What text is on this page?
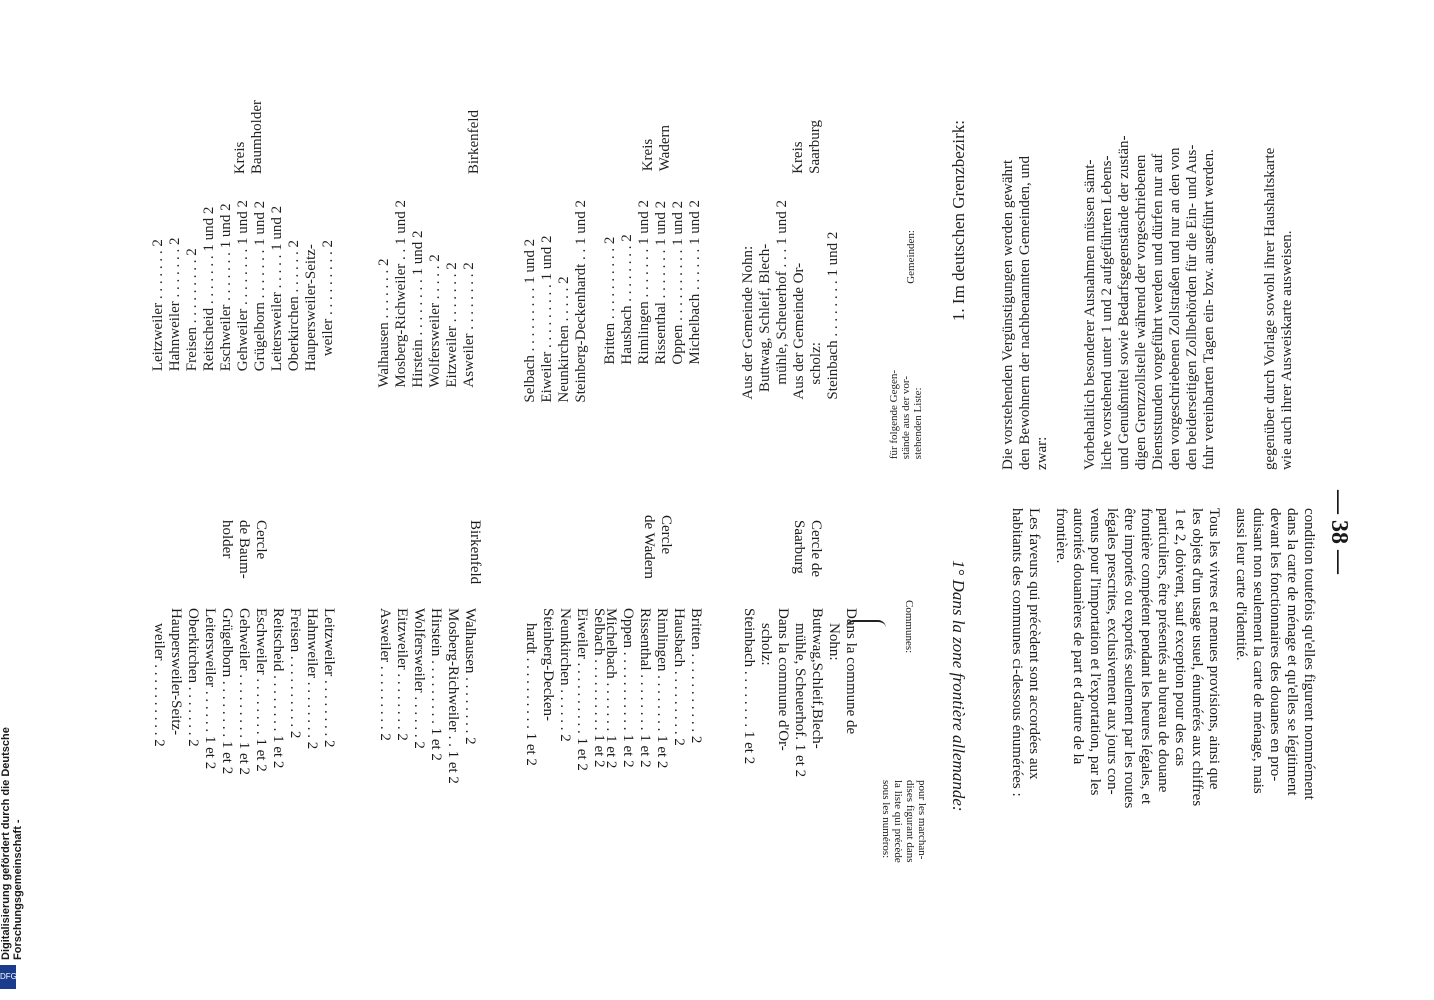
— 38 —
condition toutefois qu'elles figurent nommément
dans la carte de ménage et qu'elles se légitiment
devant les fonctionnaires des douanes en pro-
duisant non seulement la carte de ménage, mais
aussi leur carte d'identité.
Tous les vivres et menues provisions, ainsi que
les objets d'un usage usuel, énumérés aux chiffres
1 et 2, doivent, sauf exception pour des cas
particuliers, être présentés au bureau de douane
frontière compétent pendant les heures légales, et
être importés ou exportés seulement par les routes
légales prescrites, exclusivement aux jours con-
venus pour l'importation et l'exportation, par les
autorités douanières de part et d'autre de la
frontière.
Les faveurs qui précèdent sont accordées aux
habitants des communes ci-dessous énumérées :
1° Dans la zone frontière allemande:
Communes:
pour les marchan-
dises figurant dans
la liste qui précède
sous les numéros:
Cercle de
Saarburg
Dans la commune de
Nohn:
Buttwag,Schleif,Blech-
mühle, Scheuerhof. 1 et 2
Dans la commune d'Or-
scholz:
Steinbach . . . . . . . . 1 et 2
Cercle
de Wadern
Britten . . . . . . . . . . . 2
Hausbach . . . . . . . . . 2
Rimlingen . . . . . . . . 1 et 2
Rissenthal . . . . . . . . 1 et 2
Oppen . . . . . . . . . . . 1 et 2
Michelbach . . . . . . . 1 et 2
Selbach . . . . . . . . . . 1 et 2
Eiweiler . . . . . . . . . . 1 et 2
Neunkirchen . . . . . . 2
Steinberg-Decken-
hardt . . . . . . . . . . 1 et 2
Birkenfeld
Walhausen . . . . . . . . 2
Mosberg-Richweiler . . 1 et 2
Hirstein . . . . . . . . . 1 et 2
Wolfersweiler . . . . . . 2
Eitzweiler . . . . . . . . 2
Asweiler . . . . . . . . . 2
Cercle
de Baum-
holder
Leitzweiler . . . . . . . . 2
Hahnweiler . . . . . . . . 2
Freisen . . . . . . . . . . 2
Reitscheid . . . . . . . . 1 et 2
Eschweiler . . . . . . . . 1 et 2
Gehweiler . . . . . . . . . 1 et 2
Grügelborn . . . . . . . . 1 et 2
Leitersweiler . . . . . . 1 et 2
Oberkirchen . . . . . . . 2
Haupersweiler-Seitz-
weiler . . . . . . . . . . 2
gegenüber durch Vorlage sowohl ihrer Haushaltskarte
wie auch ihrer Ausweiskarte ausweisen.
Vorbehaltlich besonderer Ausnahmen müssen sämt-
liche vorstehend unter 1 und 2 aufgeführten Lebens-
und Genußmittel sowie Bedarfsgegenstände der zustän-
digen Grenzzollstelle während der vorgeschriebenen
Dienststunden vorgeführt werden und dürfen nur auf
den vorgeschriebenen Zollstraßen und nur an den von
den beiderseitigen Zollbehörden für die Ein- und Aus-
fuhr vereinbarten Tagen ein- bzw. ausgeführt werden.
Die vorstehenden Vergünstigungen werden gewährt
den Bewohnern der nachbenannten Gemeinden, und
zwar:
1. Im deutschen Grenzbezirk:
Gemeinden:
für folgende Gegen-
stände aus der vor-
stehenden Liste:
Kreis
Saarburg
Aus der Gemeinde Nohn:
Buttwag, Schleif, Blech-
mühle, Scheuerhof . . . 1 und 2
Aus der Gemeinde Or-
scholz:
Steinbach . . . . . . . . 1 und 2
Kreis
Wadern
Britten . . . . . . . . . . 2
Hausbach . . . . . . . . 2
Rimlingen . . . . . . . 1 und 2
Rissenthal . . . . . . . 1 und 2
Oppen . . . . . . . . . . 1 und 2
Michelbach . . . . . . 1 und 2
Selbach . . . . . . . . . 1 und 2
Eiweiler . . . . . . . . . 1 und 2
Neunkirchen . . . . . 2
Steinberg-Deckenhardt . . 1 und 2
Birkenfeld
Walhausen . . . . . . . 2
Mosberg-Richweiler . . 1 und 2
Hirstein . . . . . . . . 1 und 2
Wolfersweiler . . . . . 2
Eitzweiler . . . . . . . 2
Asweiler . . . . . . . . 2
Kreis
Baumholder
Leitzweiler . . . . . . . 2
Hahnweiler . . . . . . . 2
Freisen . . . . . . . . . 2
Reitscheid . . . . . . . 1 und 2
Eschweiler . . . . . . . 1 und 2
Gehweiler . . . . . . . . 1 und 2
Grügelborn . . . . . . . 1 und 2
Leitersweiler . . . . . 1 und 2
Oberkirchen . . . . . . 2
Haupersweiler-Seitz-
weiler . . . . . . . . . 2
Digitalisierung gefördert durch die Deutsche Forschungsgemeinschaft -
DFG
